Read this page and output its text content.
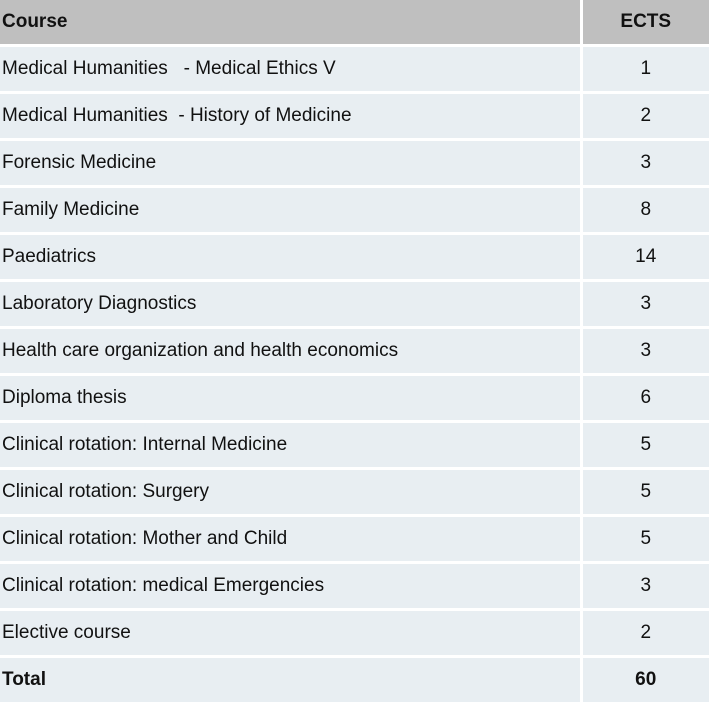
Course	ECTS
Medical Humanities   - Medical Ethics V	1
Medical Humanities  - History of Medicine	2
Forensic Medicine	3
Family Medicine	8
Paediatrics	14
Laboratory Diagnostics	3
Health care organization and health economics	3
Diploma thesis	6
Clinical rotation: Internal Medicine	5
Clinical rotation: Surgery	5
Clinical rotation: Mother and Child	5
Clinical rotation: medical Emergencies	3
Elective course	2
Total	60
